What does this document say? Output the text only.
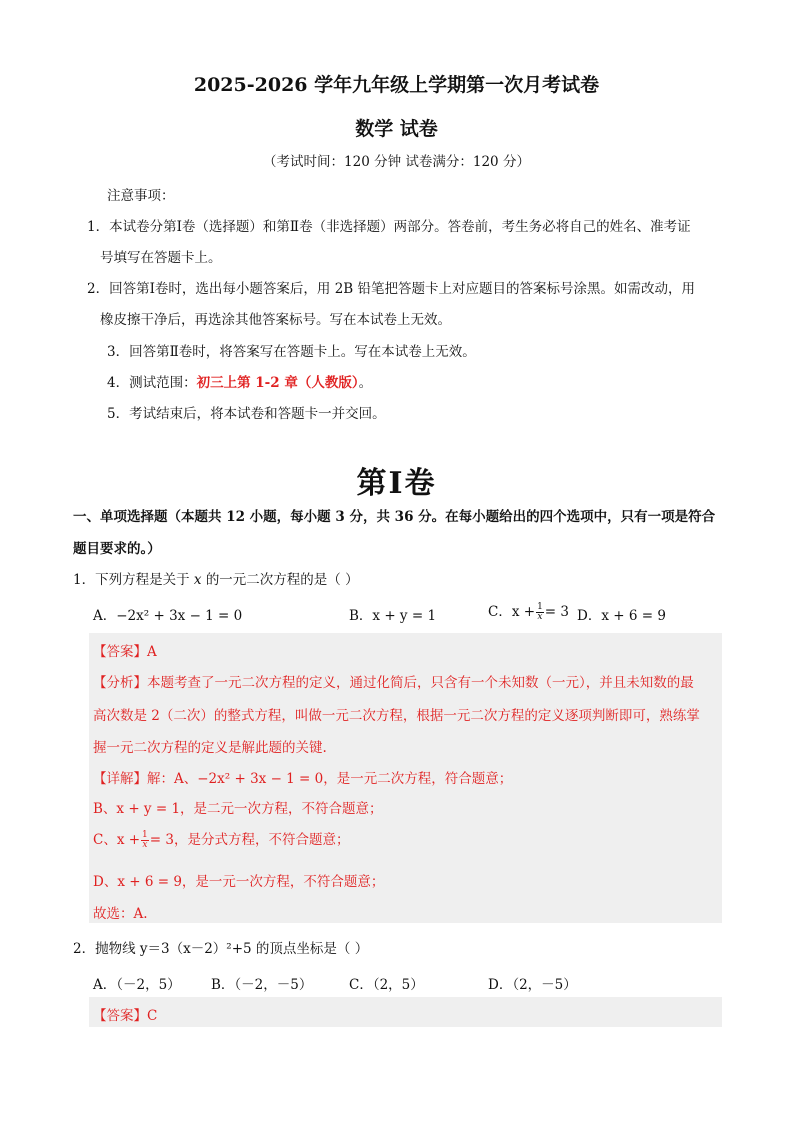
2025-2026 学年九年级上学期第一次月考试卷
数学 试卷
（考试时间：120 分钟 试卷满分：120 分）
注意事项：
1．本试卷分第Ⅰ卷（选择题）和第Ⅱ卷（非选择题）两部分。答卷前，考生务必将自己的姓名、准考证
号填写在答题卡上。
2．回答第Ⅰ卷时，选出每小题答案后，用 2B 铅笔把答题卡上对应题目的答案标号涂黑。如需改动，用
橡皮擦干净后，再选涂其他答案标号。写在本试卷上无效。
3．回答第Ⅱ卷时，将答案写在答题卡上。写在本试卷上无效。
4．测试范围：初三上第 1-2 章（人教版）。
5．考试结束后，将本试卷和答题卡一并交回。
第Ⅰ卷
一、单项选择题（本题共 12 小题，每小题 3 分，共 36 分。在每小题给出的四个选项中，只有一项是符合
题目要求的。）
1．下列方程是关于 x 的一元二次方程的是（ ）
A．−2x² + 3x − 1 = 0	B．x + y = 1	C．$x + \frac{1}{x} = 3$ D．x + 6 = 9
【答案】A
【分析】本题考查了一元二次方程的定义，通过化简后，只含有一个未知数（一元），并且未知数的最
高次数是 2（二次）的整式方程，叫做一元二次方程，根据一元二次方程的定义逐项判断即可，熟练掌
握一元二次方程的定义是解此题的关键.
【详解】解：A、−2x² + 3x − 1 = 0，是一元二次方程，符合题意；
B、x + y = 1，是二元一次方程，不符合题意；
C、$x + \frac{1}{x} = 3$，是分式方程，不符合题意；
D、x + 6 = 9，是一元一次方程，不符合题意；
故选：A.
2．抛物线 y＝3（x－2）²+5 的顶点坐标是（ ）
A．（－2，5） B．（－2，－5）	C．（2，5）	D．（2，－5）
【答案】C
